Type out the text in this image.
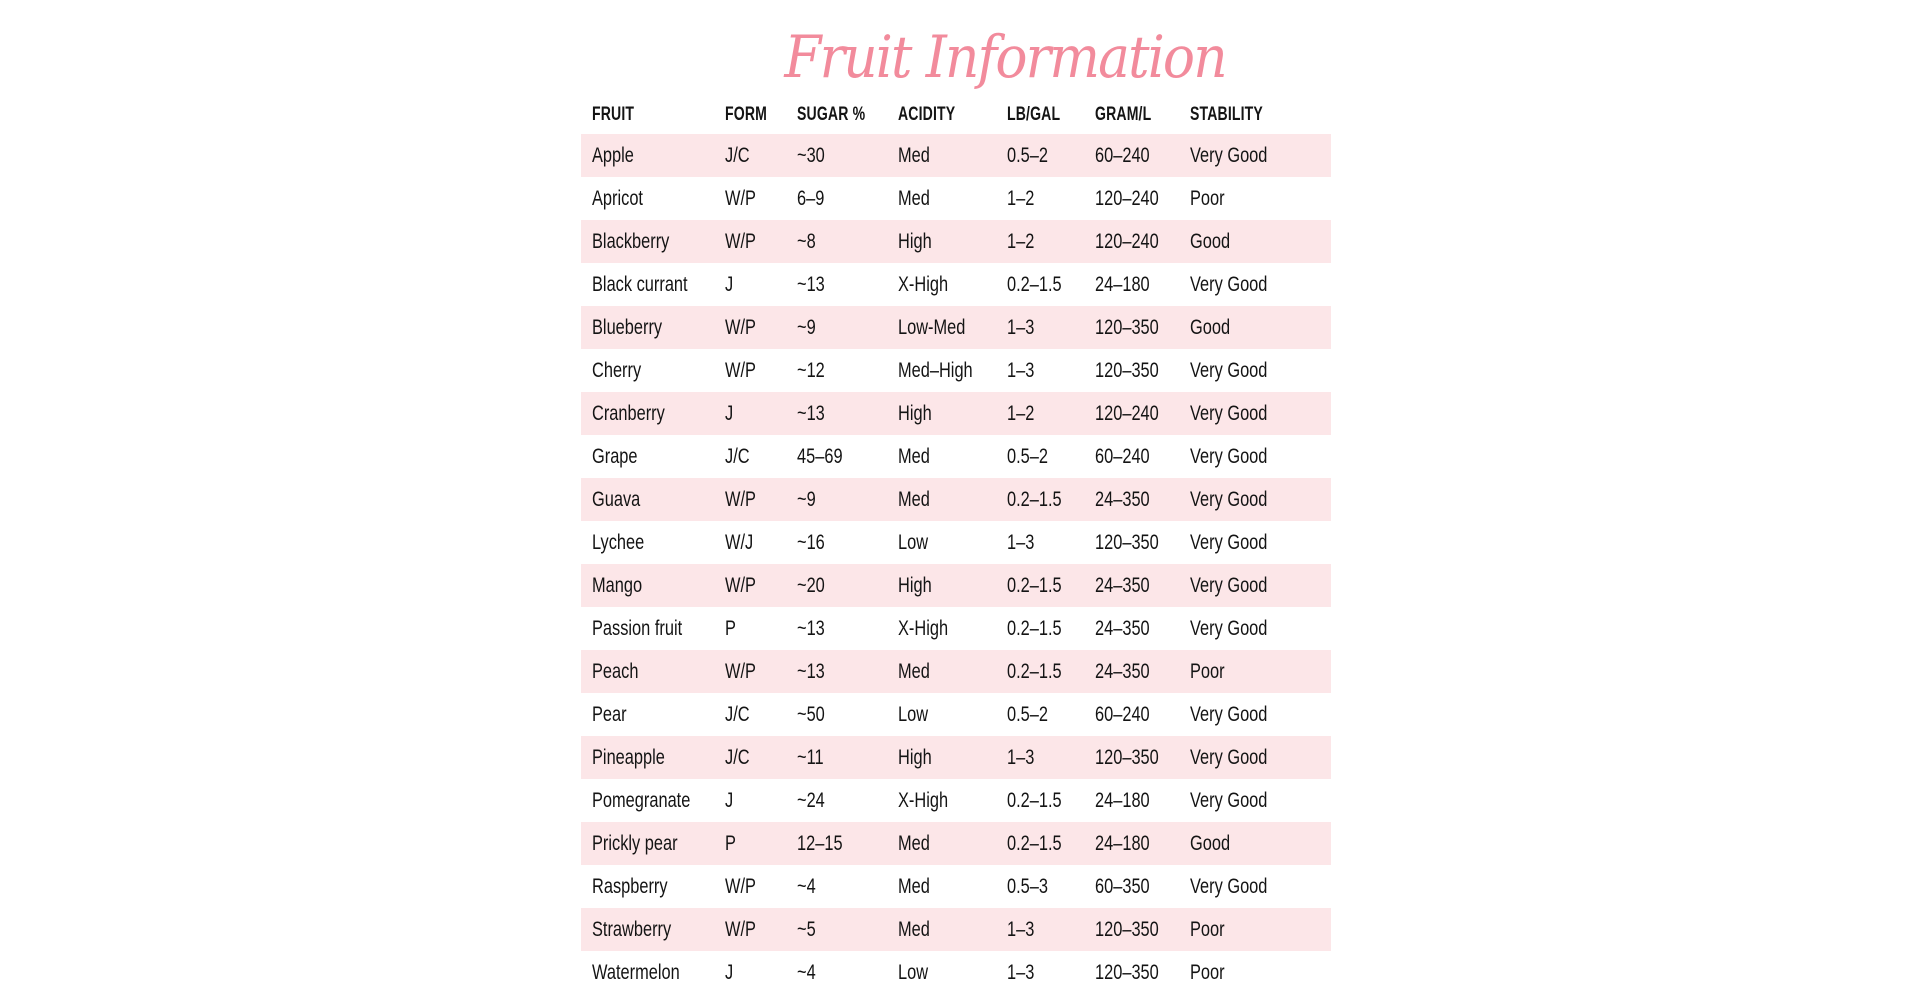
Fruit Information
FRUIT	FORM SUGAR % ACIDITY	LB/GAL GRAM/L STABILITY
Apple	J/C ~30	Med	0.5–2 60–240 Very Good
Apricot	W/P 6–9	Med	1–2	120–240 Poor
Blackberry	W/P ~8	High	1–2	120–240 Good
Black currant J	~13	X-High	0.2–1.5 24–180 Very Good
Blueberry	W/P ~9	Low-Med 1–3	120–350 Good
Cherry	W/P ~12	Med–High 1–3	120–350 Very Good
Cranberry	J	~13	High	1–2	120–240 Very Good
Grape	J/C 45–69	Med	0.5–2 60–240 Very Good
Guava	W/P ~9	Med	0.2–1.5 24–350 Very Good
Lychee	W/J ~16	Low	1–3	120–350 Very Good
Mango	W/P ~20	High	0.2–1.5 24–350 Very Good
Passion fruit P	~13	X-High	0.2–1.5 24–350 Very Good
Peach	W/P ~13	Med	0.2–1.5 24–350 Poor
Pear	J/C ~50	Low	0.5–2 60–240 Very Good
Pineapple	J/C ~11	High	1–3	120–350 Very Good
Pomegranate J	~24	X-High	0.2–1.5 24–180 Very Good
Prickly pear P	12–15	Med	0.2–1.5 24–180 Good
Raspberry	W/P ~4	Med	0.5–3 60–350 Very Good
Strawberry	W/P ~5	Med	1–3	120–350 Poor
Watermelon J	~4	Low	1–3	120–350 Poor
